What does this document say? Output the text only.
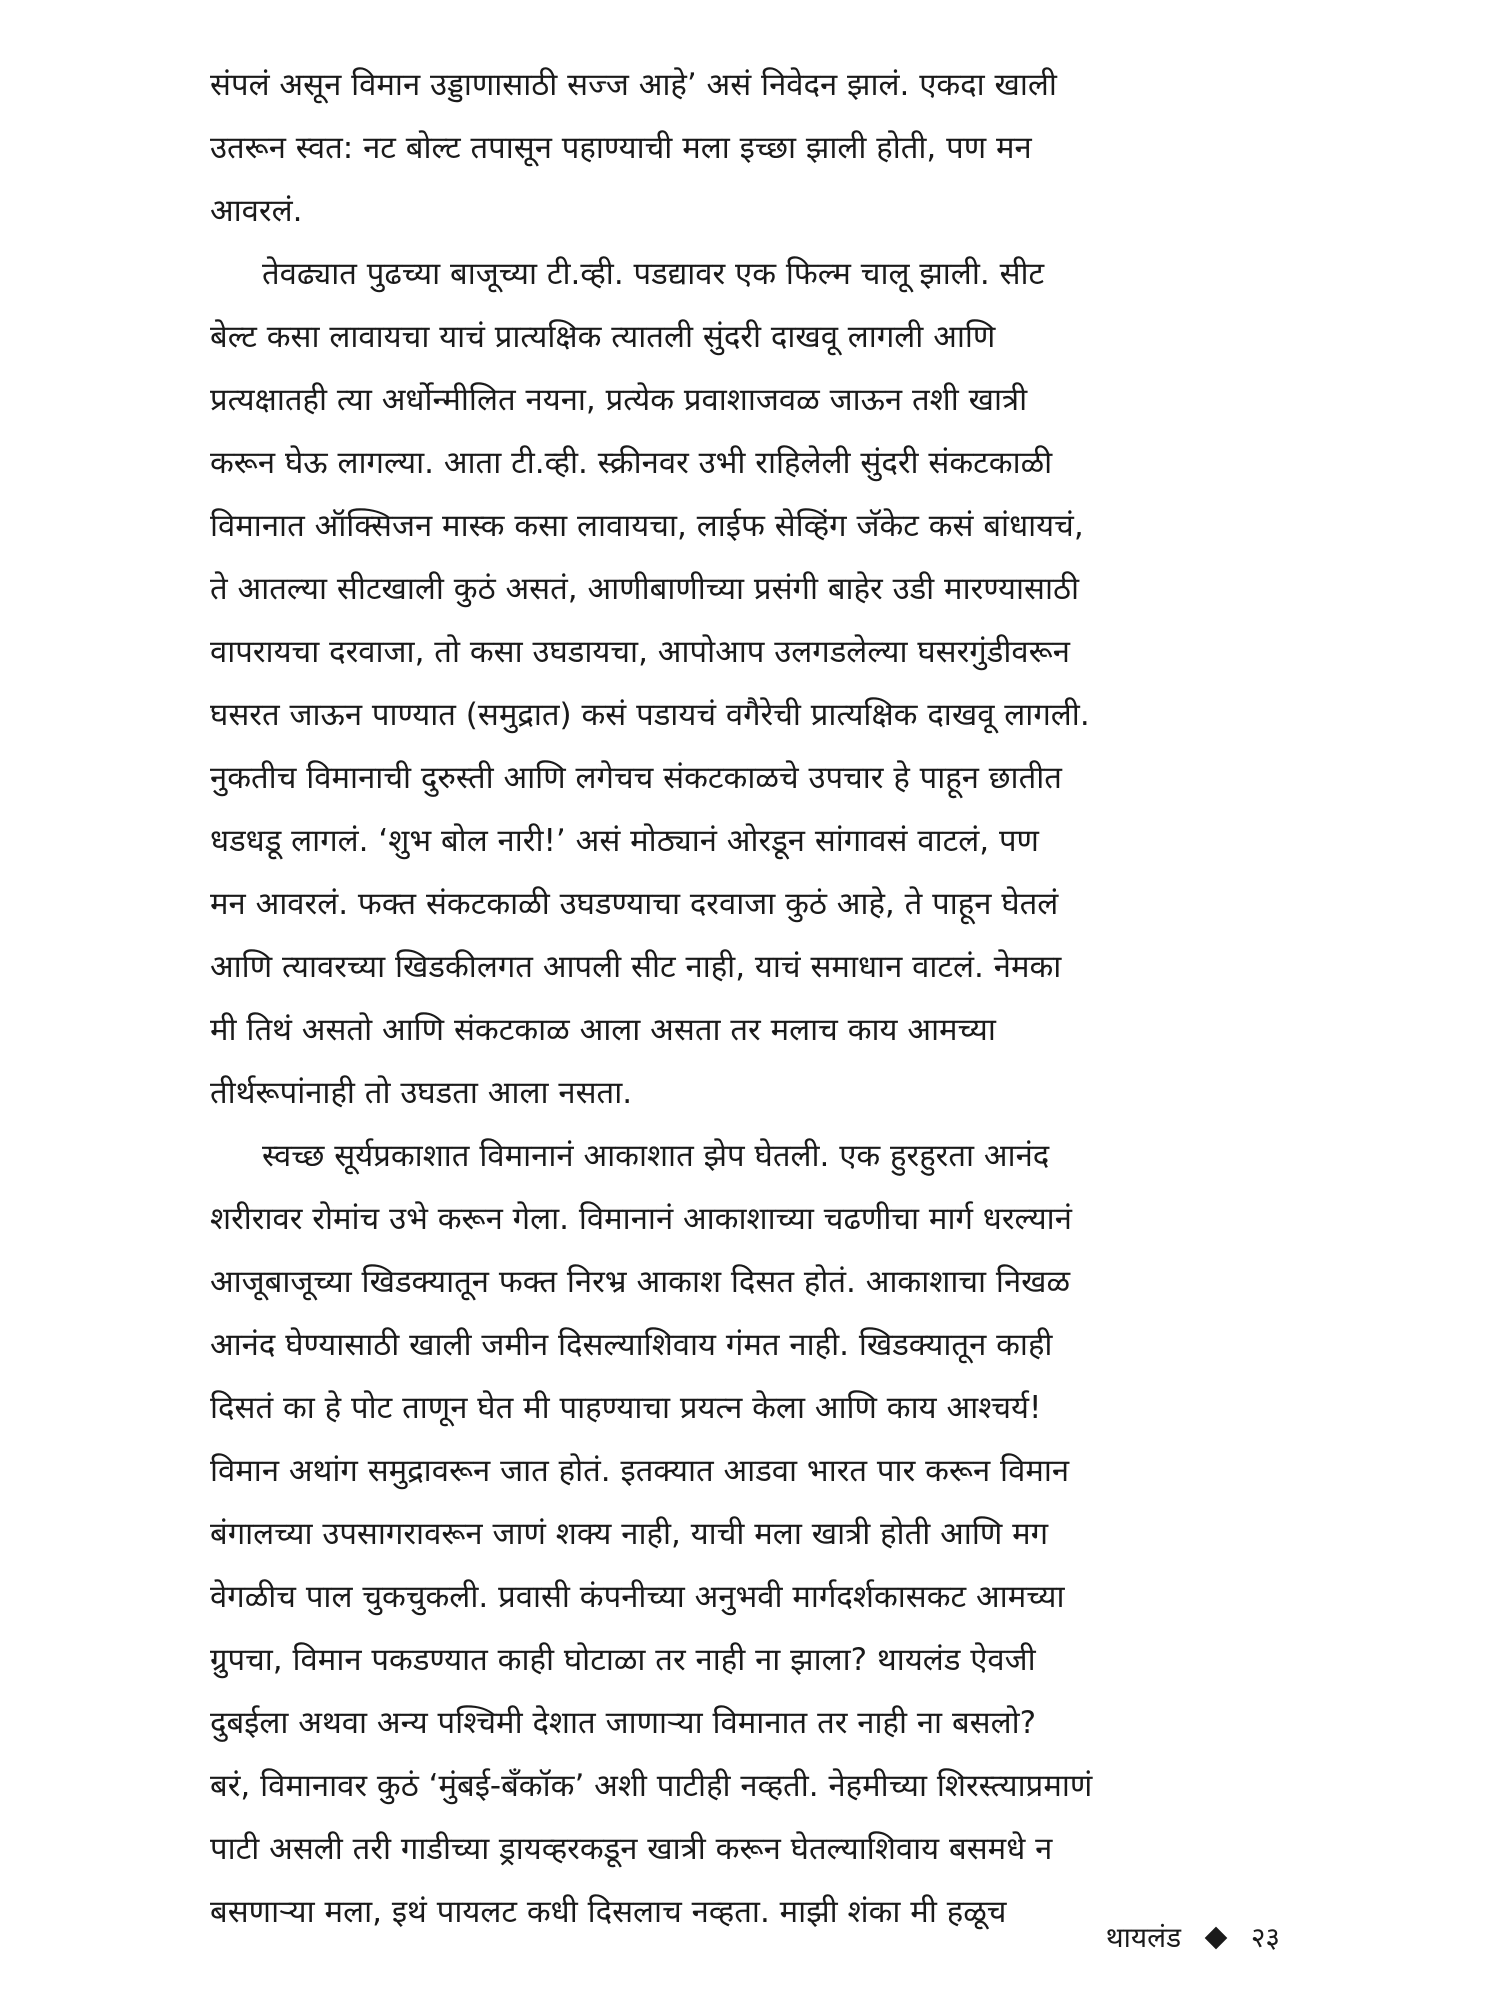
संपलं असून विमान उड्डाणासाठी सज्ज आहे’ असं निवेदन झालं. एकदा खाली
उतरून स्वत: नट बोल्ट तपासून पहाण्याची मला इच्छा झाली होती, पण मन
आवरलं.
तेवढ्यात पुढच्या बाजूच्या टी.व्ही. पडद्यावर एक फिल्म चालू झाली. सीट
बेल्ट कसा लावायचा याचं प्रात्यक्षिक त्यातली सुंदरी दाखवू लागली आणि
प्रत्यक्षातही त्या अर्धोन्मीलित नयना, प्रत्येक प्रवाशाजवळ जाऊन तशी खात्री
करून घेऊ लागल्या. आता टी.व्ही. स्क्रीनवर उभी राहिलेली सुंदरी संकटकाळी
विमानात ऑक्सिजन मास्क कसा लावायचा, लाईफ सेव्हिंग जॅकेट कसं बांधायचं,
ते आतल्या सीटखाली कुठं असतं, आणीबाणीच्या प्रसंगी बाहेर उडी मारण्यासाठी
वापरायचा दरवाजा, तो कसा उघडायचा, आपोआप उलगडलेल्या घसरगुंडीवरून
घसरत जाऊन पाण्यात (समुद्रात) कसं पडायचं वगैरेची प्रात्यक्षिक दाखवू लागली.
नुकतीच विमानाची दुरुस्ती आणि लगेचच संकटकाळचे उपचार हे पाहून छातीत
धडधडू लागलं. ‘शुभ बोल नारी!’ असं मोठ्यानं ओरडून सांगावसं वाटलं, पण
मन आवरलं. फक्त संकटकाळी उघडण्याचा दरवाजा कुठं आहे, ते पाहून घेतलं
आणि त्यावरच्या खिडकीलगत आपली सीट नाही, याचं समाधान वाटलं. नेमका
मी तिथं असतो आणि संकटकाळ आला असता तर मलाच काय आमच्या
तीर्थरूपांनाही तो उघडता आला नसता.
स्वच्छ सूर्यप्रकाशात विमानानं आकाशात झेप घेतली. एक हुरहुरता आनंद
शरीरावर रोमांच उभे करून गेला. विमानानं आकाशाच्या चढणीचा मार्ग धरल्यानं
आजूबाजूच्या खिडक्यातून फक्त निरभ्र आकाश दिसत होतं. आकाशाचा निखळ
आनंद घेण्यासाठी खाली जमीन दिसल्याशिवाय गंमत नाही. खिडक्यातून काही
दिसतं का हे पोट ताणून घेत मी पाहण्याचा प्रयत्न केला आणि काय आश्चर्य!
विमान अथांग समुद्रावरून जात होतं. इतक्यात आडवा भारत पार करून विमान
बंगालच्या उपसागरावरून जाणं शक्य नाही, याची मला खात्री होती आणि मग
वेगळीच पाल चुकचुकली. प्रवासी कंपनीच्या अनुभवी मार्गदर्शकासकट आमच्या
ग्रुपचा, विमान पकडण्यात काही घोटाळा तर नाही ना झाला? थायलंड ऐवजी
दुबईला अथवा अन्य पश्चिमी देशात जाणाऱ्या विमानात तर नाही ना बसलो?
बरं, विमानावर कुठं ‘मुंबई-बँकॉक’ अशी पाटीही नव्हती. नेहमीच्या शिरस्त्याप्रमाणं
पाटी असली तरी गाडीच्या ड्रायव्हरकडून खात्री करून घेतल्याशिवाय बसमधे न
बसणाऱ्या मला, इथं पायलट कधी दिसलाच नव्हता. माझी शंका मी हळूच
थायलंड २३
